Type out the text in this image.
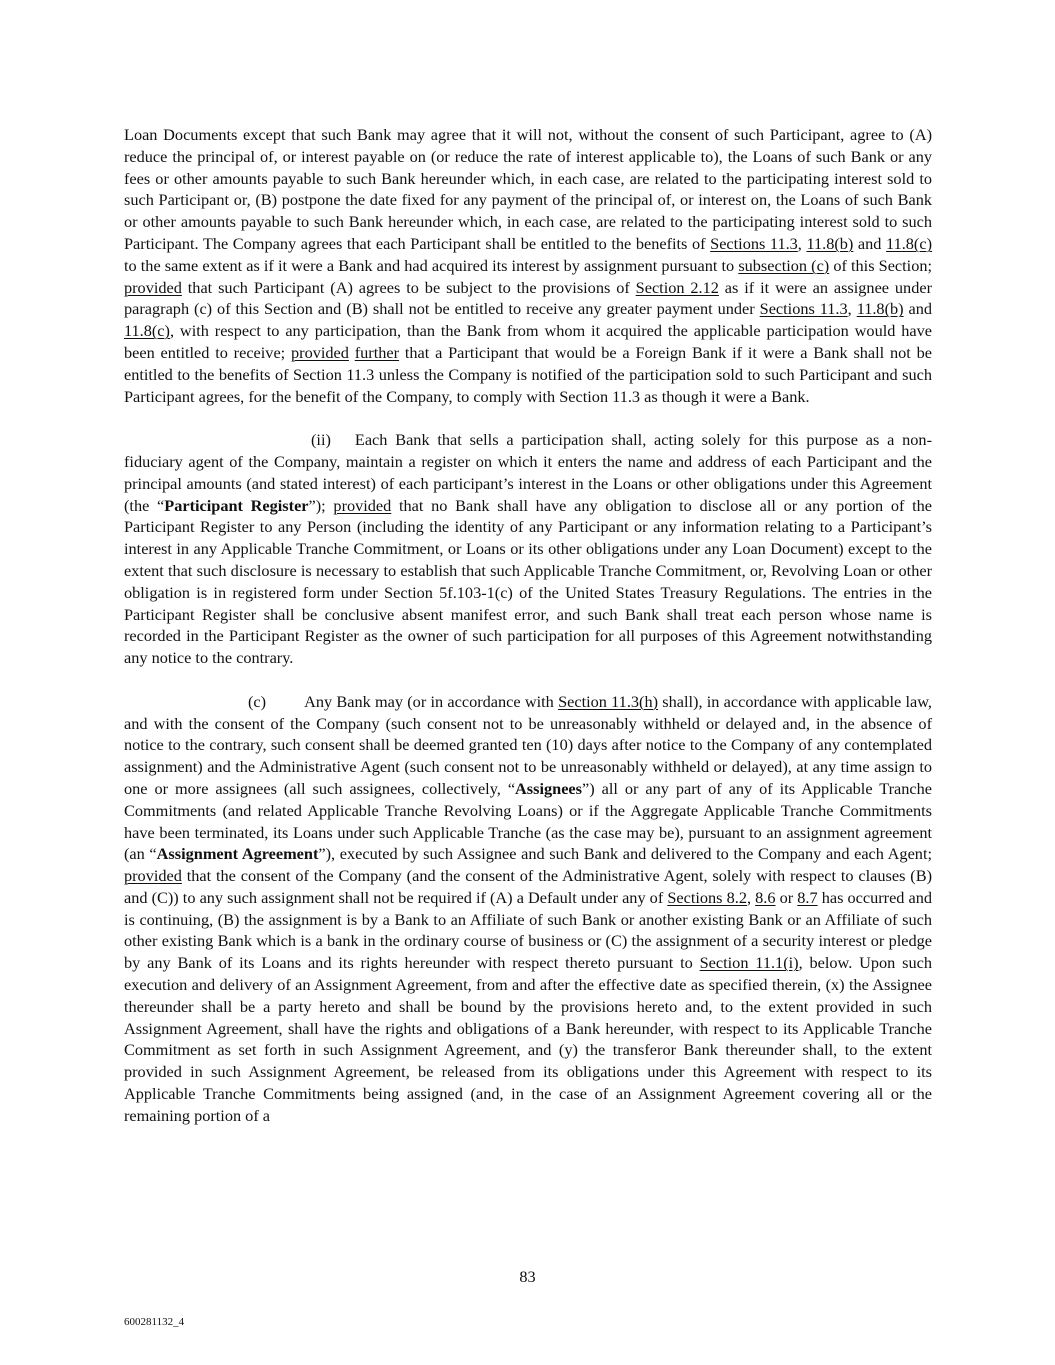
Loan Documents except that such Bank may agree that it will not, without the consent of such Participant, agree to (A) reduce the principal of, or interest payable on (or reduce the rate of interest applicable to), the Loans of such Bank or any fees or other amounts payable to such Bank hereunder which, in each case, are related to the participating interest sold to such Participant or, (B) postpone the date fixed for any payment of the principal of, or interest on, the Loans of such Bank or other amounts payable to such Bank hereunder which, in each case, are related to the participating interest sold to such Participant. The Company agrees that each Participant shall be entitled to the benefits of Sections 11.3, 11.8(b) and 11.8(c) to the same extent as if it were a Bank and had acquired its interest by assignment pursuant to subsection (c) of this Section; provided that such Participant (A) agrees to be subject to the provisions of Section 2.12 as if it were an assignee under paragraph (c) of this Section and (B) shall not be entitled to receive any greater payment under Sections 11.3, 11.8(b) and 11.8(c), with respect to any participation, than the Bank from whom it acquired the applicable participation would have been entitled to receive; provided further that a Participant that would be a Foreign Bank if it were a Bank shall not be entitled to the benefits of Section 11.3 unless the Company is notified of the participation sold to such Participant and such Participant agrees, for the benefit of the Company, to comply with Section 11.3 as though it were a Bank.

(ii) Each Bank that sells a participation shall, acting solely for this purpose as a non-fiduciary agent of the Company, maintain a register on which it enters the name and address of each Participant and the principal amounts (and stated interest) of each participant’s interest in the Loans or other obligations under this Agreement (the “Participant Register”); provided that no Bank shall have any obligation to disclose all or any portion of the Participant Register to any Person (including the identity of any Participant or any information relating to a Participant’s interest in any Applicable Tranche Commitment, or Loans or its other obligations under any Loan Document) except to the extent that such disclosure is necessary to establish that such Applicable Tranche Commitment, or, Revolving Loan or other obligation is in registered form under Section 5f.103-1(c) of the United States Treasury Regulations. The entries in the Participant Register shall be conclusive absent manifest error, and such Bank shall treat each person whose name is recorded in the Participant Register as the owner of such participation for all purposes of this Agreement notwithstanding any notice to the contrary.

(c) Any Bank may (or in accordance with Section 11.3(h) shall), in accordance with applicable law, and with the consent of the Company (such consent not to be unreasonably withheld or delayed and, in the absence of notice to the contrary, such consent shall be deemed granted ten (10) days after notice to the Company of any contemplated assignment) and the Administrative Agent (such consent not to be unreasonably withheld or delayed), at any time assign to one or more assignees (all such assignees, collectively, “Assignees”) all or any part of any of its Applicable Tranche Commitments (and related Applicable Tranche Revolving Loans) or if the Aggregate Applicable Tranche Commitments have been terminated, its Loans under such Applicable Tranche (as the case may be), pursuant to an assignment agreement (an “Assignment Agreement”), executed by such Assignee and such Bank and delivered to the Company and each Agent; provided that the consent of the Company (and the consent of the Administrative Agent, solely with respect to clauses (B) and (C)) to any such assignment shall not be required if (A) a Default under any of Sections 8.2, 8.6 or 8.7 has occurred and is continuing, (B) the assignment is by a Bank to an Affiliate of such Bank or another existing Bank or an Affiliate of such other existing Bank which is a bank in the ordinary course of business or (C) the assignment of a security interest or pledge by any Bank of its Loans and its rights hereunder with respect thereto pursuant to Section 11.1(i), below. Upon such execution and delivery of an Assignment Agreement, from and after the effective date as specified therein, (x) the Assignee thereunder shall be a party hereto and shall be bound by the provisions hereto and, to the extent provided in such Assignment Agreement, shall have the rights and obligations of a Bank hereunder, with respect to its Applicable Tranche Commitment as set forth in such Assignment Agreement, and (y) the transferor Bank thereunder shall, to the extent provided in such Assignment Agreement, be released from its obligations under this Agreement with respect to its Applicable Tranche Commitments being assigned (and, in the case of an Assignment Agreement covering all or the remaining portion of a

83
600281132_4
